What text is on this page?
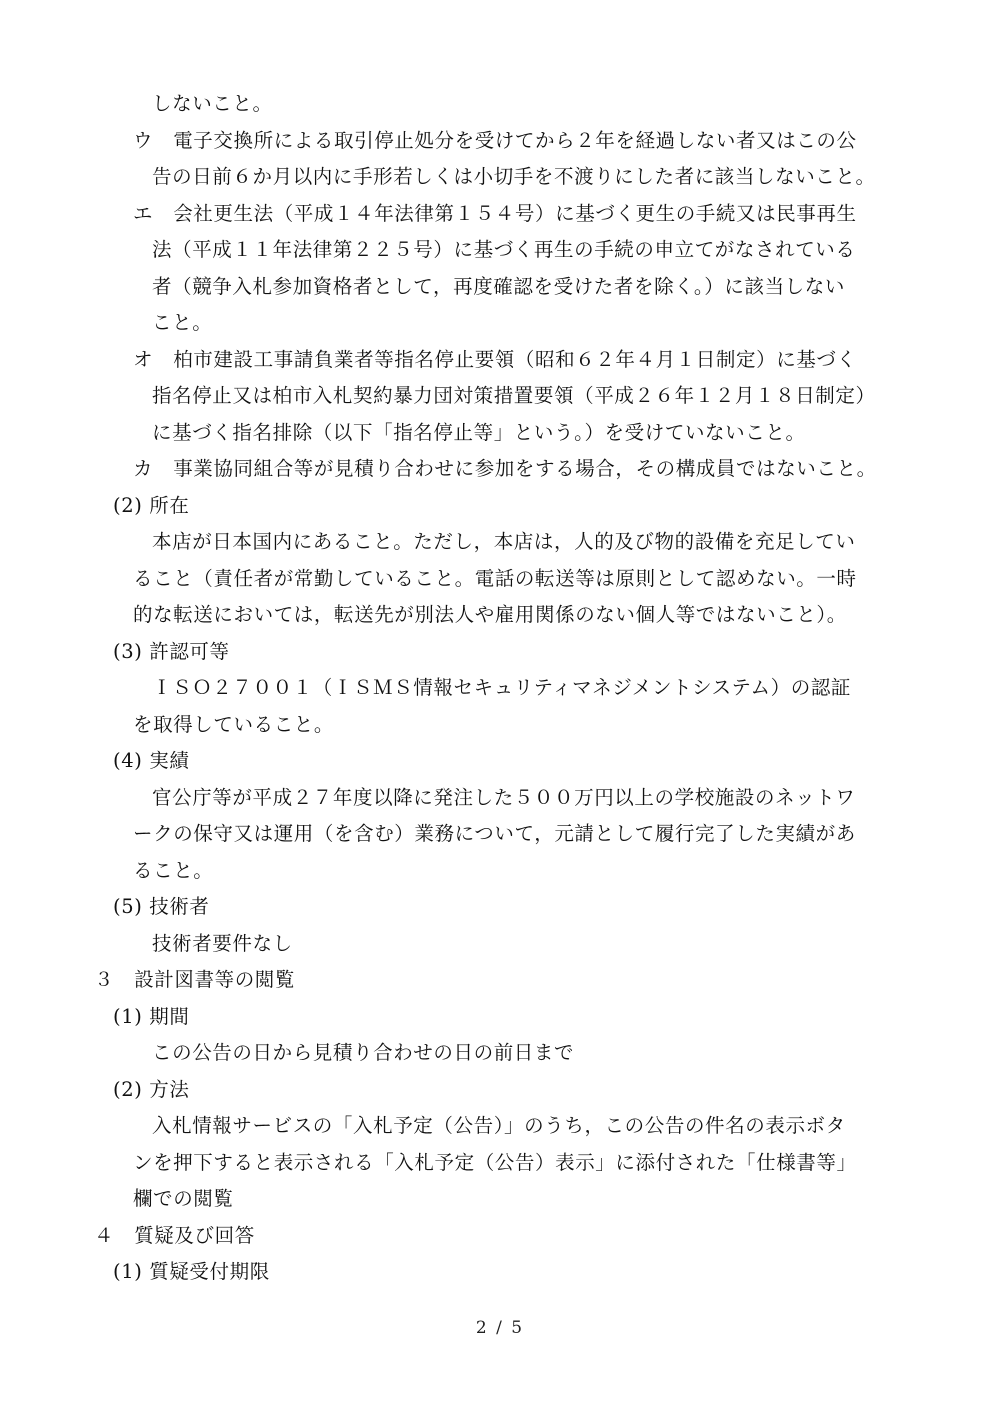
しないこと。
ウ　電子交換所による取引停止処分を受けてから２年を経過しない者又はこの公
告の日前６か月以内に手形若しくは小切手を不渡りにした者に該当しないこと。
エ　会社更生法（平成１４年法律第１５４号）に基づく更生の手続又は民事再生
法（平成１１年法律第２２５号）に基づく再生の手続の申立てがなされている
者（競争入札参加資格者として，再度確認を受けた者を除く。）に該当しない
こと。
オ　柏市建設工事請負業者等指名停止要領（昭和６２年４月１日制定）に基づく
指名停止又は柏市入札契約暴力団対策措置要領（平成２６年１２月１８日制定）
に基づく指名排除（以下「指名停止等」という。）を受けていないこと。
カ　事業協同組合等が見積り合わせに参加をする場合，その構成員ではないこと。
(2) 所在
本店が日本国内にあること。ただし，本店は，人的及び物的設備を充足してい
ること（責任者が常勤していること。電話の転送等は原則として認めない。一時
的な転送においては，転送先が別法人や雇用関係のない個人等ではないこと）。
(3) 許認可等
ＩＳＯ２７００１（ＩＳＭＳ情報セキュリティマネジメントシステム）の認証
を取得していること。
(4) 実績
官公庁等が平成２７年度以降に発注した５００万円以上の学校施設のネットワ
ークの保守又は運用（を含む）業務について，元請として履行完了した実績があ
ること。
(5) 技術者
技術者要件なし
３　設計図書等の閲覧
(1) 期間
この公告の日から見積り合わせの日の前日まで
(2) 方法
入札情報サービスの「入札予定（公告）」のうち，この公告の件名の表示ボタ
ンを押下すると表示される「入札予定（公告）表示」に添付された「仕様書等」
欄での閲覧
４　質疑及び回答
(1) 質疑受付期限
2 / 5
